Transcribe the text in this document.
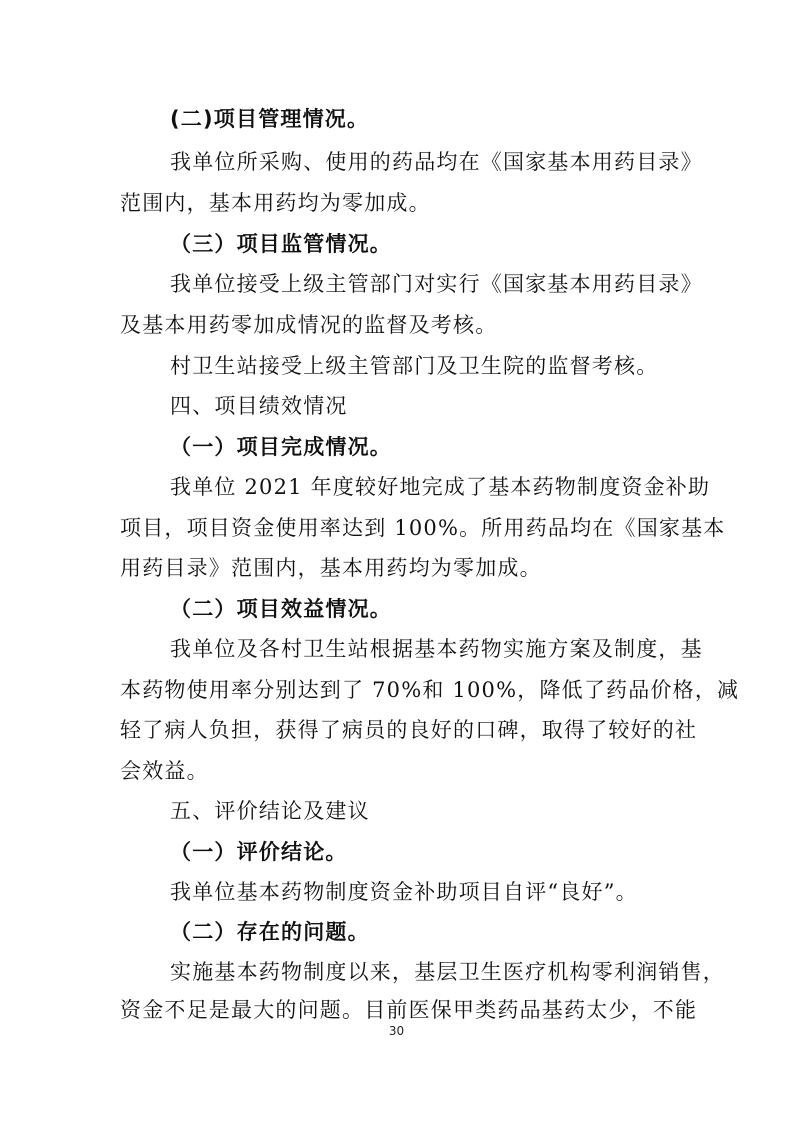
(二)项目管理情况。
我单位所采购、使用的药品均在《国家基本用药目录》
范围内，基本用药均为零加成。
（三）项目监管情况。
我单位接受上级主管部门对实行《国家基本用药目录》
及基本用药零加成情况的监督及考核。
村卫生站接受上级主管部门及卫生院的监督考核。
四、项目绩效情况
（一）项目完成情况。
我单位 2021 年度较好地完成了基本药物制度资金补助
项目，项目资金使用率达到 100%。所用药品均在《国家基本
用药目录》范围内，基本用药均为零加成。
（二）项目效益情况。
我单位及各村卫生站根据基本药物实施方案及制度，基
本药物使用率分别达到了 70%和 100%，降低了药品价格，减
轻了病人负担，获得了病员的良好的口碑，取得了较好的社
会效益。
五、评价结论及建议
（一）评价结论。
我单位基本药物制度资金补助项目自评“良好”。
（二）存在的问题。
实施基本药物制度以来，基层卫生医疗机构零利润销售，
资金不足是最大的问题。目前医保甲类药品基药太少，不能
30
